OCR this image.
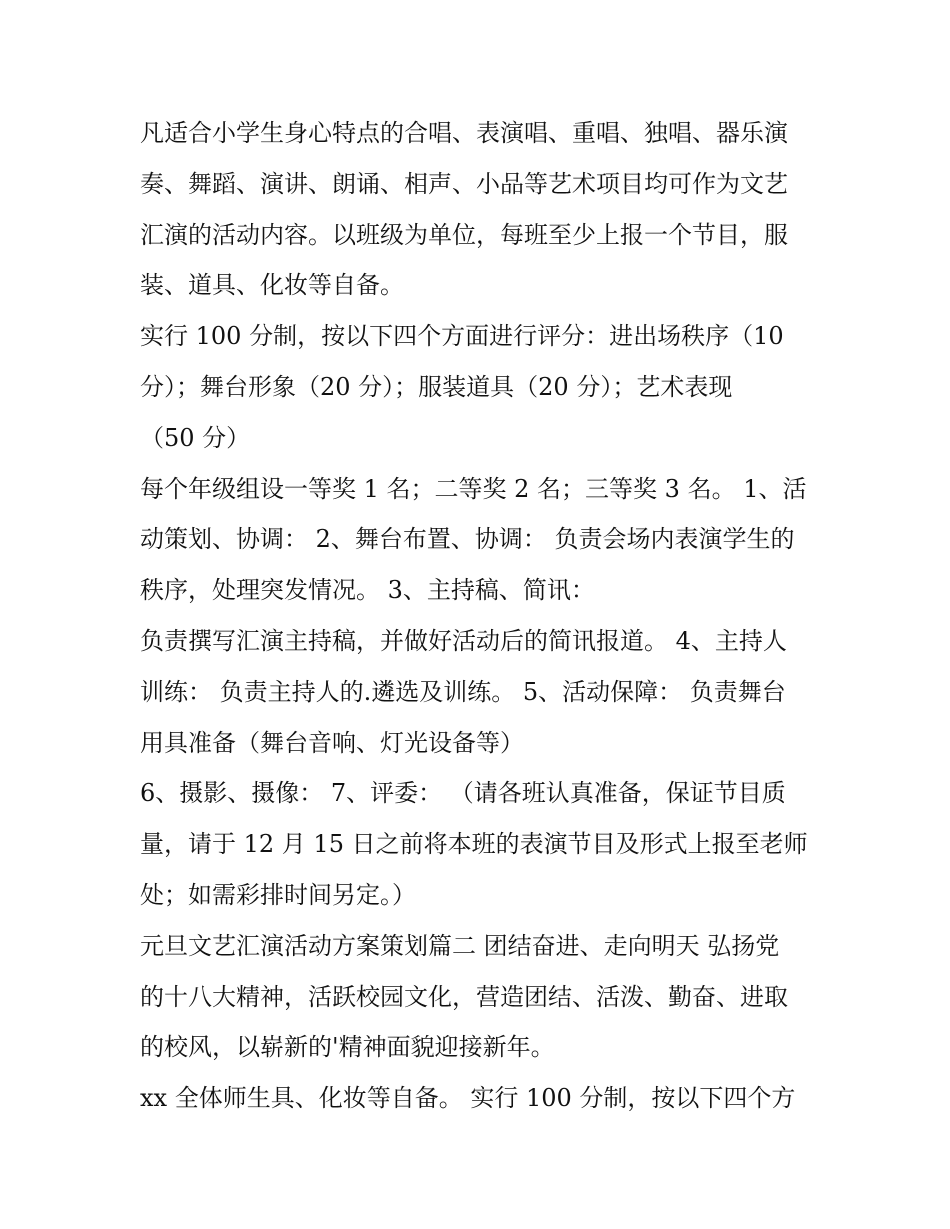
凡适合小学生身心特点的合唱、表演唱、重唱、独唱、器乐演
奏、舞蹈、演讲、朗诵、相声、小品等艺术项目均可作为文艺
汇演的活动内容。以班级为单位，每班至少上报一个节目，服
装、道具、化妆等自备。
实行 100 分制，按以下四个方面进行评分：进出场秩序（10
分）；舞台形象（20 分）；服装道具（20 分）；艺术表现
（50 分）
每个年级组设一等奖 1 名；二等奖 2 名；三等奖 3 名。 1、活
动策划、协调： 2、舞台布置、协调： 负责会场内表演学生的
秩序，处理突发情况。 3、主持稿、简讯：
负责撰写汇演主持稿，并做好活动后的简讯报道。 4、主持人
训练： 负责主持人的.遴选及训练。 5、活动保障： 负责舞台
用具准备（舞台音响、灯光设备等）
6、摄影、摄像： 7、评委： （请各班认真准备，保证节目质
量，请于 12 月 15 日之前将本班的表演节目及形式上报至老师
处；如需彩排时间另定。）
元旦文艺汇演活动方案策划篇二 团结奋进、走向明天 弘扬党
的十八大精神，活跃校园文化，营造团结、活泼、勤奋、进取
的校风，以崭新的'精神面貌迎接新年。
xx 全体师生具、化妆等自备。 实行 100 分制，按以下四个方
